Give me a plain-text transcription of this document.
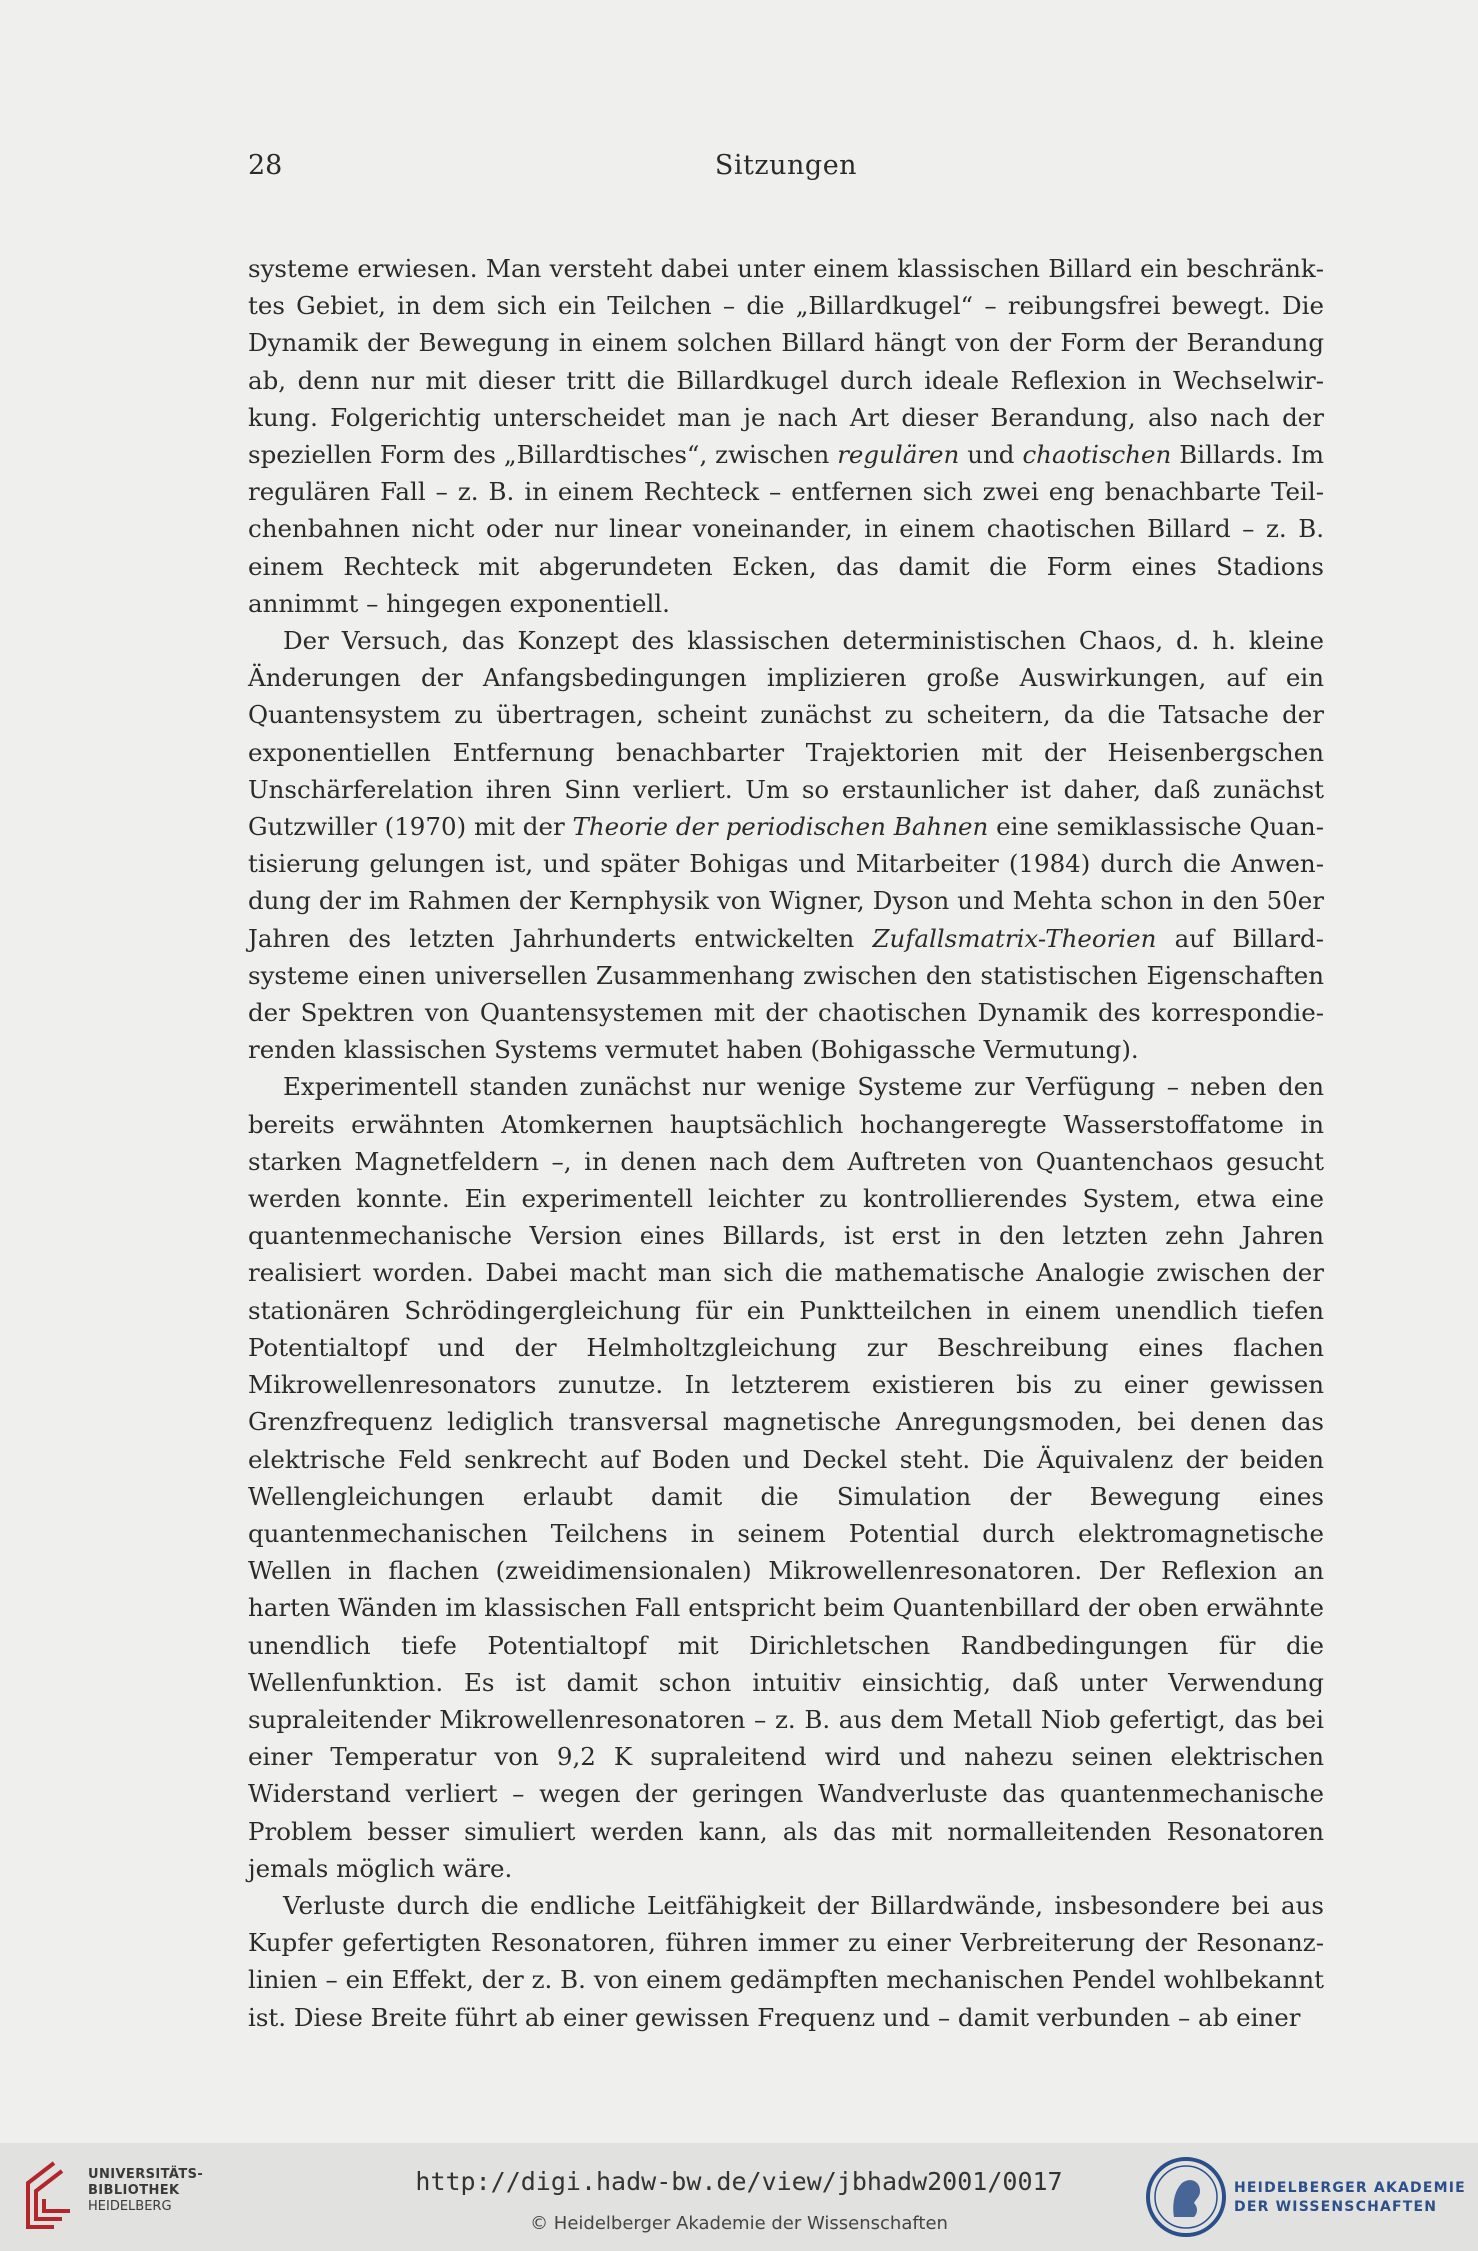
28	Sitzungen

systeme erwiesen. Man versteht dabei unter einem klassischen Billard ein beschränktes Gebiet, in dem sich ein Teilchen – die „Billardkugel“ – reibungsfrei bewegt. Die Dynamik der Bewegung in einem solchen Billard hängt von der Form der Berandung ab, denn nur mit dieser tritt die Billardkugel durch ideale Reflexion in Wechselwirkung. Folgerichtig unterscheidet man je nach Art dieser Berandung, also nach der speziellen Form des „Billardtisches“, zwischen regulären und chaotischen Billards. Im regulären Fall – z. B. in einem Rechteck – entfernen sich zwei eng benachbarte Teilchenbahnen nicht oder nur linear voneinander, in einem chaotischen Billard – z. B. einem Rechteck mit abgerundeten Ecken, das damit die Form eines Stadions annimmt – hingegen exponentiell.

Der Versuch, das Konzept des klassischen deterministischen Chaos, d. h. kleine Änderungen der Anfangsbedingungen implizieren große Auswirkungen, auf ein Quantensystem zu übertragen, scheint zunächst zu scheitern, da die Tatsache der exponentiellen Entfernung benachbarter Trajektorien mit der Heisenbergschen Unschärferelation ihren Sinn verliert. Um so erstaunlicher ist daher, daß zunächst Gutzwiller (1970) mit der Theorie der periodischen Bahnen eine semiklassische Quantisierung gelungen ist, und später Bohigas und Mitarbeiter (1984) durch die Anwendung der im Rahmen der Kernphysik von Wigner, Dyson und Mehta schon in den 50er Jahren des letzten Jahrhunderts entwickelten Zufallsmatrix-Theorien auf Billardsysteme einen universellen Zusammenhang zwischen den statistischen Eigenschaften der Spektren von Quantensystemen mit der chaotischen Dynamik des korrespondierenden klassischen Systems vermutet haben (Bohigassche Vermutung).

Experimentell standen zunächst nur wenige Systeme zur Verfügung – neben den bereits erwähnten Atomkernen hauptsächlich hochangeregte Wasserstoffatome in starken Magnetfeldern –, in denen nach dem Auftreten von Quantenchaos gesucht werden konnte. Ein experimentell leichter zu kontrollierendes System, etwa eine quantenmechanische Version eines Billards, ist erst in den letzten zehn Jahren realisiert worden. Dabei macht man sich die mathematische Analogie zwischen der stationären Schrödingergleichung für ein Punktteilchen in einem unendlich tiefen Potentialtopf und der Helmholtzgleichung zur Beschreibung eines flachen Mikrowellenresonators zunutze. In letzterem existieren bis zu einer gewissen Grenzfrequenz lediglich transversal magnetische Anregungsmoden, bei denen das elektrische Feld senkrecht auf Boden und Deckel steht. Die Äquivalenz der beiden Wellengleichungen erlaubt damit die Simulation der Bewegung eines quantenmechanischen Teilchens in seinem Potential durch elektromagnetische Wellen in flachen (zweidimensionalen) Mikrowellenresonatoren. Der Reflexion an harten Wänden im klassischen Fall entspricht beim Quantenbillard der oben erwähnte unendlich tiefe Potentialtopf mit Dirichletschen Randbedingungen für die Wellenfunktion. Es ist damit schon intuitiv einsichtig, daß unter Verwendung supraleitender Mikrowellenresonatoren – z. B. aus dem Metall Niob gefertigt, das bei einer Temperatur von 9,2 K supraleitend wird und nahezu seinen elektrischen Widerstand verliert – wegen der geringen Wandverluste das quantenmechanische Problem besser simuliert werden kann, als das mit normalleitenden Resonatoren jemals möglich wäre.

Verluste durch die endliche Leitfähigkeit der Billardwände, insbesondere bei aus Kupfer gefertigten Resonatoren, führen immer zu einer Verbreiterung der Resonanzlinien – ein Effekt, der z. B. von einem gedämpften mechanischen Pendel wohlbekannt ist. Diese Breite führt ab einer gewissen Frequenz und – damit verbunden – ab einer

UNIVERSITÄTS-
BIBLIOTHEK
HEIDELBERG
http://digi.hadw-bw.de/view/jbhadw2001/0017
© Heidelberger Akademie der Wissenschaften
HEIDELBERGER AKADEMIE
DER WISSENSCHAFTEN
